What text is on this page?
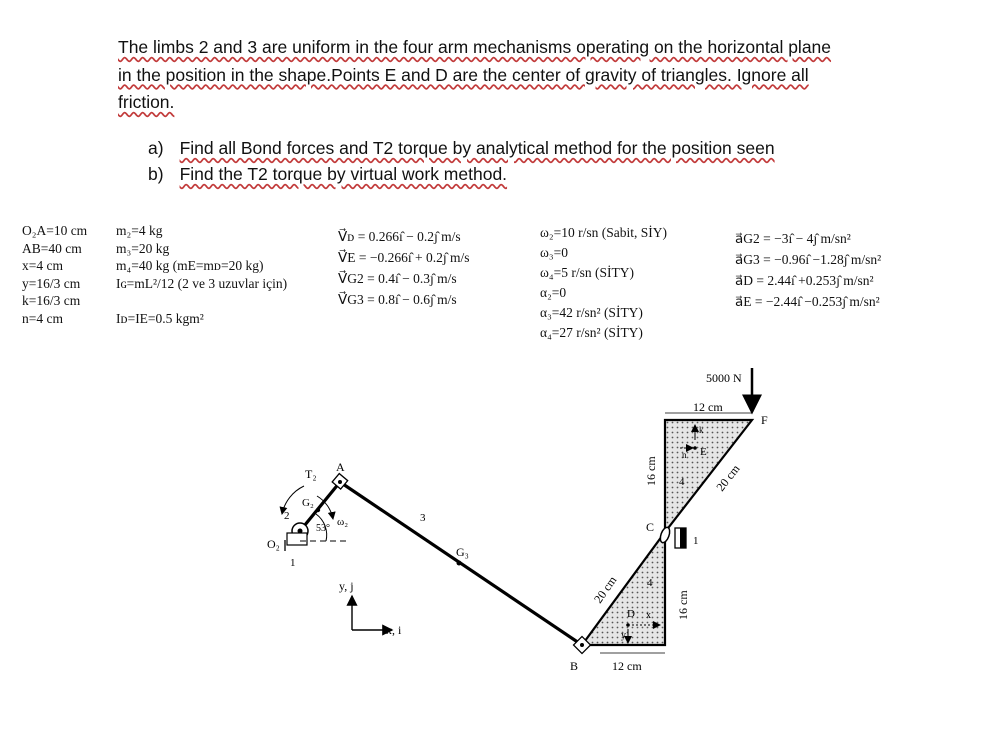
The limbs 2 and 3 are uniform in the four arm mechanisms operating on the horizontal plane

in the position in the shape.Points E and D are the center of gravity of triangles. Ignore all

friction.

a) Find all Bond forces and T2 torque by analytical method for the position seen
b) Find the T2 torque by virtual work method.
O₂A=10 cm
AB=40 cm
x=4 cm
y=16/3 cm
k=16/3 cm
n=4 cm
m₂=4 kg
m₃=20 kg
m₄=40 kg (mΕ=mᴅ=20 kg)
Iɢ=mL²/12 (2 ve 3 uzuvlar için)
Iᴅ=IΕ=0.5 kgm²
V⃗ᴅ = 0.266ı̂ − 0.2ȷ̂ m/s
V⃗Ε = −0.266ı̂ + 0.2ȷ̂ m/s
V⃗G2 = 0.4ı̂ − 0.3ȷ̂ m/s
V⃗G3 = 0.8ı̂ − 0.6ȷ̂ m/s
ω₂=10 r/sn (Sabit, SİY)
ω₃=0
ω₄=5 r/sn (SİTY)
α₂=0
α₃=42 r/sn² (SİTY)
α₄=27 r/sn² (SİTY)
a⃗G2 = −3ı̂ − 4ȷ̂ m/sn²
a⃗G3 = −0.96ı̂ −1.28ȷ̂ m/sn²
a⃗D = 2.44ı̂ +0.253ȷ̂ m/sn²
a⃗Ε = −2.44ı̂ −0.253ȷ̂ m/sn²
5000 N
12 cm
12 cm
16 cm
16 cm
20 cm
20 cm
A
B
C
D
E
F
O₂
T₂
G₂
G₃
53°
ω₂
1
2	3
4
4
1
k
n
x
y
y, j
x, i
